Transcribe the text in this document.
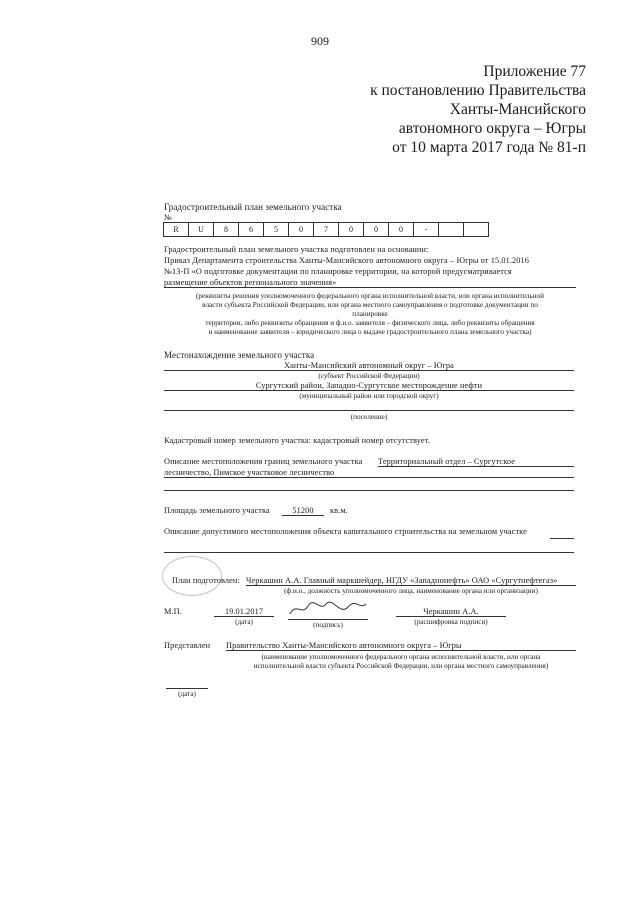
909
Приложение 77
к постановлению Правительства
Ханты-Мансийского
автономного округа – Югры
от 10 марта 2017 года № 81-п
Градостроительный план земельного участка
№
R	U	8	6	5	0	7	0	0	0	-
Градостроительный план земельного участка подготовлен на основании:
Приказ Департамента строительства Ханты-Мансийского автономного округа – Югры от 15.01.2016
№13-П «О подготовке документации по планировке территории, на которой предусматривается
размещение объектов регионального значения»
(реквизиты решения уполномоченного федерального органа исполнительной власти, или органа исполнительной
власти субъекта Российской Федерации, или органа местного самоуправления о подготовке документации по
планировке
территории, либо реквизиты обращения и ф.и.о. заявителя – физического лица, либо реквизиты обращения
и наименование заявителя – юридического лица о выдаче градостроительного плана земельного участка)
Местонахождение земельного участка
Ханты-Мансийский автономный округ – Югра
(субъект Российской Федерации)
Сургутский район, Западно-Сургутское месторождение нефти
(муниципальный район или городской округ)
(поселение)
Кадастровый номер земельного участка: кадастровый номер отсутствует.
Описание местоположения границ земельного участка Территориальный отдел – Сургутское
лесничество, Пимское участковое лесничество
Площадь земельного участка	51200	кв.м.
Описание допустимого местоположения объекта капитального строительства на земельном участке
План подготовлен: Черкашин А.А. Главный маркшейдер, НГДУ «Западнонефть» ОАО «Сургутнефтегаз»
(ф.и.о., должность уполномоченного лица, наименование органа или организации)
М.П.	19.01.2017
(дата)	(подпись)
Черкашин А.А.
(расшифровка подписи)
Представлен Правительство Ханты-Мансийского автономного округа – Югры
(наименование уполномоченного федерального органа исполнительной власти, или органа
исполнительной власти субъекта Российской Федерации, или органа местного самоуправления)
(дата)
